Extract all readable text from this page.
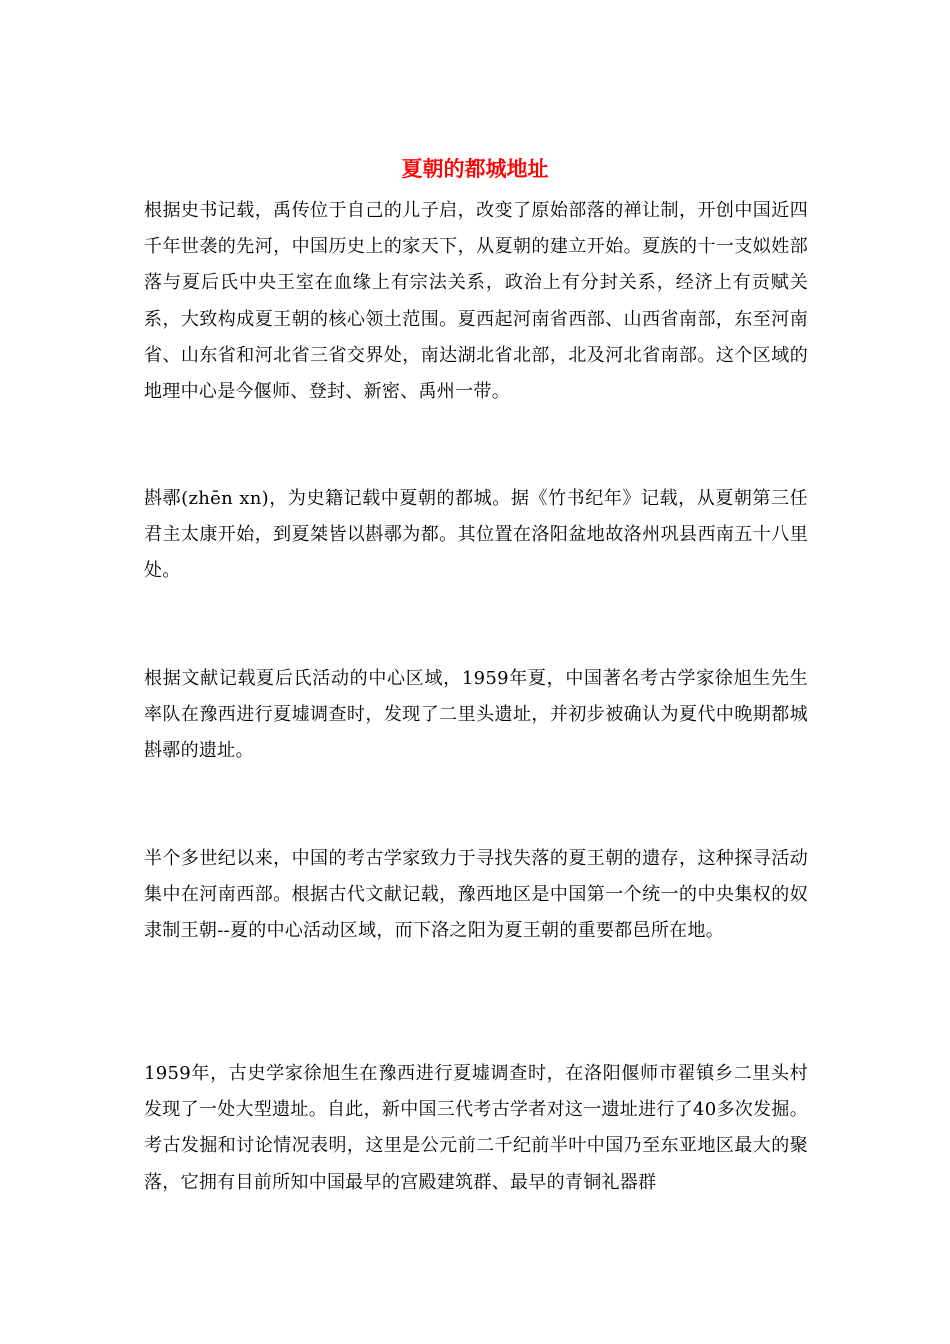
夏朝的都城地址

根据史书记载，禹传位于自己的儿子启，改变了原始部落的禅让制，开创中国近四千年世袭的先河，中国历史上的家天下，从夏朝的建立开始。夏族的十一支姒姓部落与夏后氏中央王室在血缘上有宗法关系，政治上有分封关系，经济上有贡赋关系，大致构成夏王朝的核心领土范围。夏西起河南省西部、山西省南部，东至河南省、山东省和河北省三省交界处，南达湖北省北部，北及河北省南部。这个区域的地理中心是今偃师、登封、新密、禹州一带。

斟鄩(zhēn xn)，为史籍记载中夏朝的都城。据《竹书纪年》记载，从夏朝第三任君主太康开始，到夏桀皆以斟鄩为都。其位置在洛阳盆地故洛州巩县西南五十八里处。

根据文献记载夏后氏活动的中心区域，1959年夏，中国著名考古学家徐旭生先生率队在豫西进行夏墟调查时，发现了二里头遗址，并初步被确认为夏代中晚期都城斟鄩的遗址。

半个多世纪以来，中国的考古学家致力于寻找失落的夏王朝的遗存，这种探寻活动集中在河南西部。根据古代文献记载，豫西地区是中国第一个统一的中央集权的奴隶制王朝--夏的中心活动区域，而下洛之阳为夏王朝的重要都邑所在地。

1959年，古史学家徐旭生在豫西进行夏墟调查时，在洛阳偃师市翟镇乡二里头村发现了一处大型遗址。自此，新中国三代考古学者对这一遗址进行了40多次发掘。考古发掘和讨论情况表明，这里是公元前二千纪前半叶中国乃至东亚地区最大的聚落，它拥有目前所知中国最早的宫殿建筑群、最早的青铜礼器群
